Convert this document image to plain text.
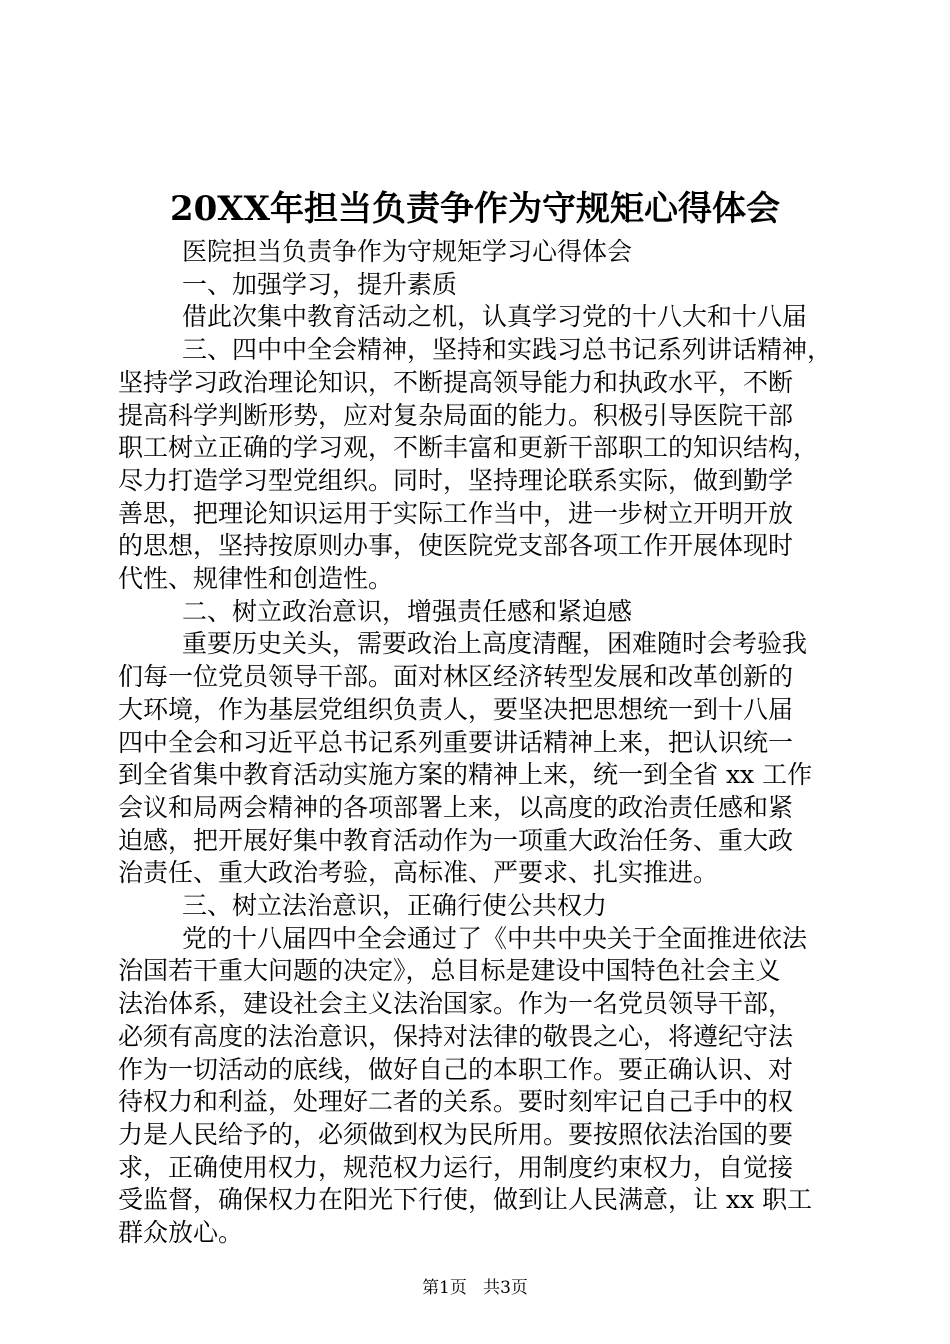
20XX年担当负责争作为守规矩心得体会

医院担当负责争作为守规矩学习心得体会

一、加强学习，提升素质

借此次集中教育活动之机，认真学习党的十八大和十八届

三、四中中全会精神，坚持和实践习总书记系列讲话精神，

坚持学习政治理论知识，不断提高领导能力和执政水平，不断

提高科学判断形势，应对复杂局面的能力。积极引导医院干部

职工树立正确的学习观，不断丰富和更新干部职工的知识结构，

尽力打造学习型党组织。同时，坚持理论联系实际，做到勤学

善思，把理论知识运用于实际工作当中，进一步树立开明开放

的思想，坚持按原则办事，使医院党支部各项工作开展体现时

代性、规律性和创造性。

二、树立政治意识，增强责任感和紧迫感

重要历史关头，需要政治上高度清醒，困难随时会考验我

们每一位党员领导干部。面对林区经济转型发展和改革创新的

大环境，作为基层党组织负责人，要坚决把思想统一到十八届

四中全会和习近平总书记系列重要讲话精神上来，把认识统一

到全省集中教育活动实施方案的精神上来，统一到全省 xx 工作

会议和局两会精神的各项部署上来，以高度的政治责任感和紧

迫感，把开展好集中教育活动作为一项重大政治任务、重大政

治责任、重大政治考验，高标准、严要求、扎实推进。

三、树立法治意识，正确行使公共权力

党的十八届四中全会通过了《中共中央关于全面推进依法

治国若干重大问题的决定》，总目标是建设中国特色社会主义

法治体系，建设社会主义法治国家。作为一名党员领导干部，

必须有高度的法治意识，保持对法律的敬畏之心，将遵纪守法

作为一切活动的底线，做好自己的本职工作。要正确认识、对

待权力和利益，处理好二者的关系。要时刻牢记自己手中的权

力是人民给予的，必须做到权为民所用。要按照依法治国的要

求，正确使用权力，规范权力运行，用制度约束权力，自觉接

受监督，确保权力在阳光下行使，做到让人民满意，让 xx 职工

群众放心。

第1页 共3页
